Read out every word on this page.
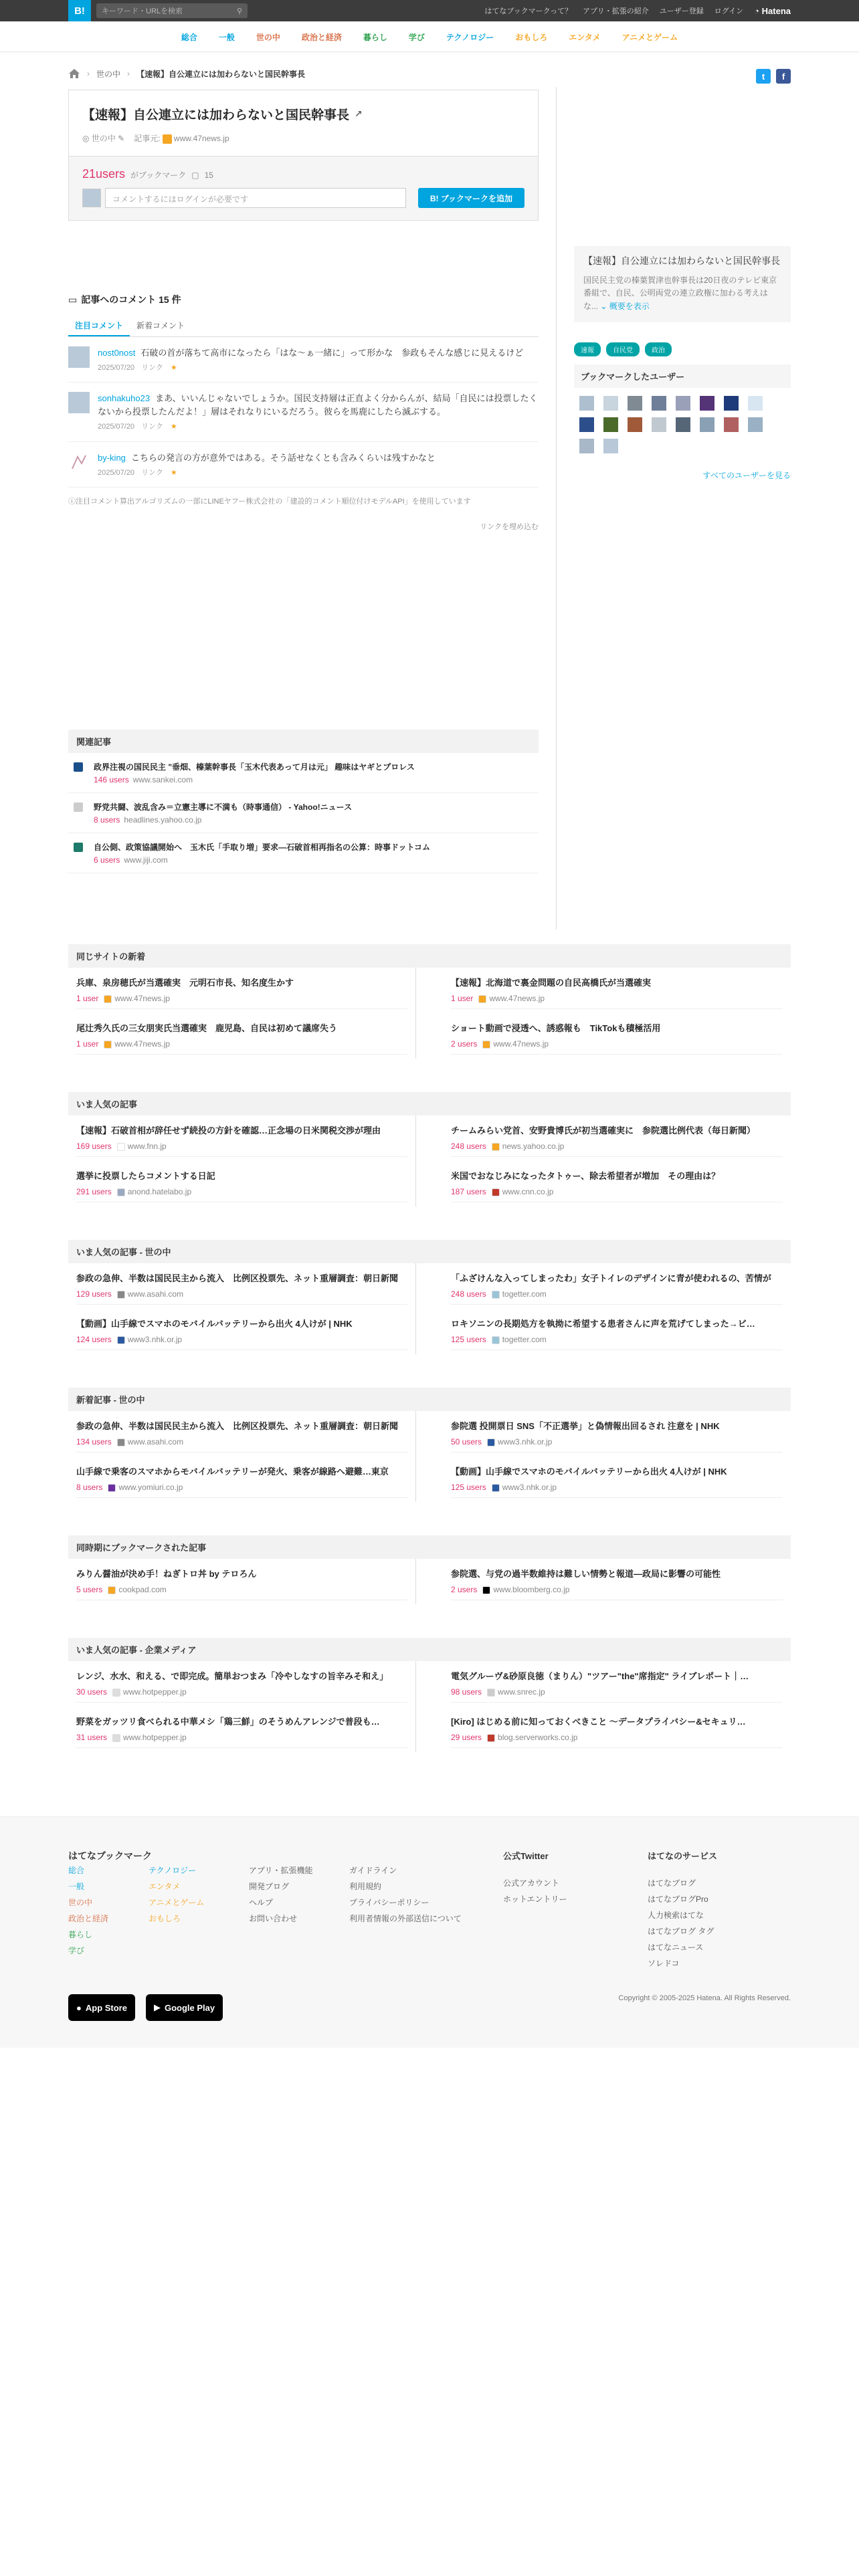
B!	キーワード・URLを検索	⚲	はてなブックマークって？ アプリ・拡張の紹介 ユーザー登録 ログイン ◔ Hatena
総合	一般	世の中	政治と経済	暮らし	学び	テクノロジー	おもしろ	エンタメ	アニメとゲーム
› 世の中 › 【速報】自公連立には加わらないと国民幹事長	t	f
【速報】自公連立には加わらないと国民幹事長 ↗
◎ 世の中 ✎ 記事元: www.47news.jp
21users がブックマーク ▢ 15
コメントするにはログインが必要です	B! ブックマークを追加
▭ 記事へのコメント 15 件
注目コメント	新着コメント
nost0nost 石破の首が落ちて高市になったら「はな〜ぁ一緒に」って形かな　参政もそんな感じに見えるけど
2025/07/20 リンク ★
sonhakuho23 まあ、いいんじゃないでしょうか。国民支持層は正直よく分からんが、結局「自民には投票したくないから投票したんだよ！」層はそれなりにいるだろう。彼らを馬鹿にしたら滅ぶする。
2025/07/20 リンク ★
by-king こちらの発言の方が意外ではある。そう話せなくとも含みくらいは残すかなと
2025/07/20 リンク ★
ⓘ注目コメント算出アルゴリズムの一部にLINEヤフー株式会社の「建設的コメント順位付けモデルAPI」を使用しています
リンクを埋め込む
関連記事
政界注視の国民民主 "垂畑、榛葉幹事長「玉木代表あって月は元」 趣味はヤギとプロレス
146 users www.sankei.com
野党共闘、波乱含み＝立憲主導に不満も（時事通信） - Yahoo!ニュース
8 users headlines.yahoo.co.jp
自公側、政策協議開始へ　玉木氏「手取り増」要求―石破首相再指名の公算：時事ドットコム
6 users www.jiji.com
【速報】自公連立には加わらないと国民幹事長
国民民主党の榛葉賀津也幹事長は20日夜のテレビ東京番組で、自民、公明両党の連立政権に加わる考えはな... ⌄ 概要を表示
速報	自民党	政治
ブックマークしたユーザー
すべてのユーザーを見る
同じサイトの新着
兵庫、泉房穂氏が当選確実　元明石市長、知名度生かす
1 user www.47news.jp
【速報】北海道で裏金問題の自民高橋氏が当選確実
1 user www.47news.jp
尾辻秀久氏の三女朋実氏当選確実　鹿児島、自民は初めて議席失う
1 user www.47news.jp
ショート動画で浸透へ、誘惑報も　TikTokも積極活用
2 users www.47news.jp
いま人気の記事
【速報】石破首相が辞任せず続投の方針を確認…正念場の日米関税交渉が理由
169 users www.fnn.jp
チームみらい党首、安野貴博氏が初当選確実に　参院選比例代表（毎日新聞）
248 users news.yahoo.co.jp
選挙に投票したらコメントする日記
291 users anond.hatelabo.jp
米国でおなじみになったタトゥー、除去希望者が増加　その理由は？
187 users www.cnn.co.jp
いま人気の記事 - 世の中
参政の急伸、半数は国民民主から流入　比例区投票先、ネット重層調査：朝日新聞
129 users www.asahi.com
「ふざけんな入ってしまったわ」女子トイレのデザインに青が使われるの、苦情が
248 users togetter.com
【動画】山手線でスマホのモバイルバッテリーから出火 4人けが | NHK
124 users www3.nhk.or.jp
ロキソニンの長期処方を執拗に希望する患者さんに声を荒げてしまった→ビ…
125 users togetter.com
新着記事 - 世の中
参政の急伸、半数は国民民主から流入　比例区投票先、ネット重層調査：朝日新聞
134 users www.asahi.com
参院選 投開票日 SNS「不正選挙」と偽情報出回るされ 注意を | NHK
50 users www3.nhk.or.jp
山手線で乗客のスマホからモバイルバッテリーが発火、乗客が線路へ避難…東京
8 users www.yomiuri.co.jp
【動画】山手線でスマホのモバイルバッテリーから出火 4人けが | NHK
125 users www3.nhk.or.jp
同時期にブックマークされた記事
みりん醤油が決め手！ねぎトロ丼 by テロろん
5 users cookpad.com
参院選、与党の過半数維持は難しい情勢と報道—政局に影響の可能性
2 users www.bloomberg.co.jp
いま人気の記事 - 企業メディア
レンジ、水水、和える、で即完成。簡単おつまみ「冷やしなすの旨辛みそ和え」
30 users www.hotpepper.jp
電気グルーヴ&砂原良徳（まりん）"ツアー"the"席指定" ライブレポート｜…
98 users www.snrec.jp
野菜をガッツリ食べられる中華メシ「鶏三鮮」のそうめんアレンジで普段も…
31 users www.hotpepper.jp
[Kiro] はじめる前に知っておくべきこと ～データプライバシー&セキュリ…
29 users blog.serverworks.co.jp
はてなブックマーク
総合
一般
世の中
政治と経済
暮らし
学び
テクノロジー
エンタメ
アニメとゲーム
おもしろ
アプリ・拡張機能
開発ブログ
ヘルプ
お問い合わせ
ガイドライン
利用規約
プライバシーポリシー
利用者情報の外部送信について
公式Twitter
公式アカウント
ホットエントリー
はてなのサービス
はてなブログ
はてなブログPro
人力検索はてな
はてなブログ タグ
はてなニュース
ソレドコ
● App Store	▶ Google Play
Copyright © 2005-2025 Hatena. All Rights Reserved.
